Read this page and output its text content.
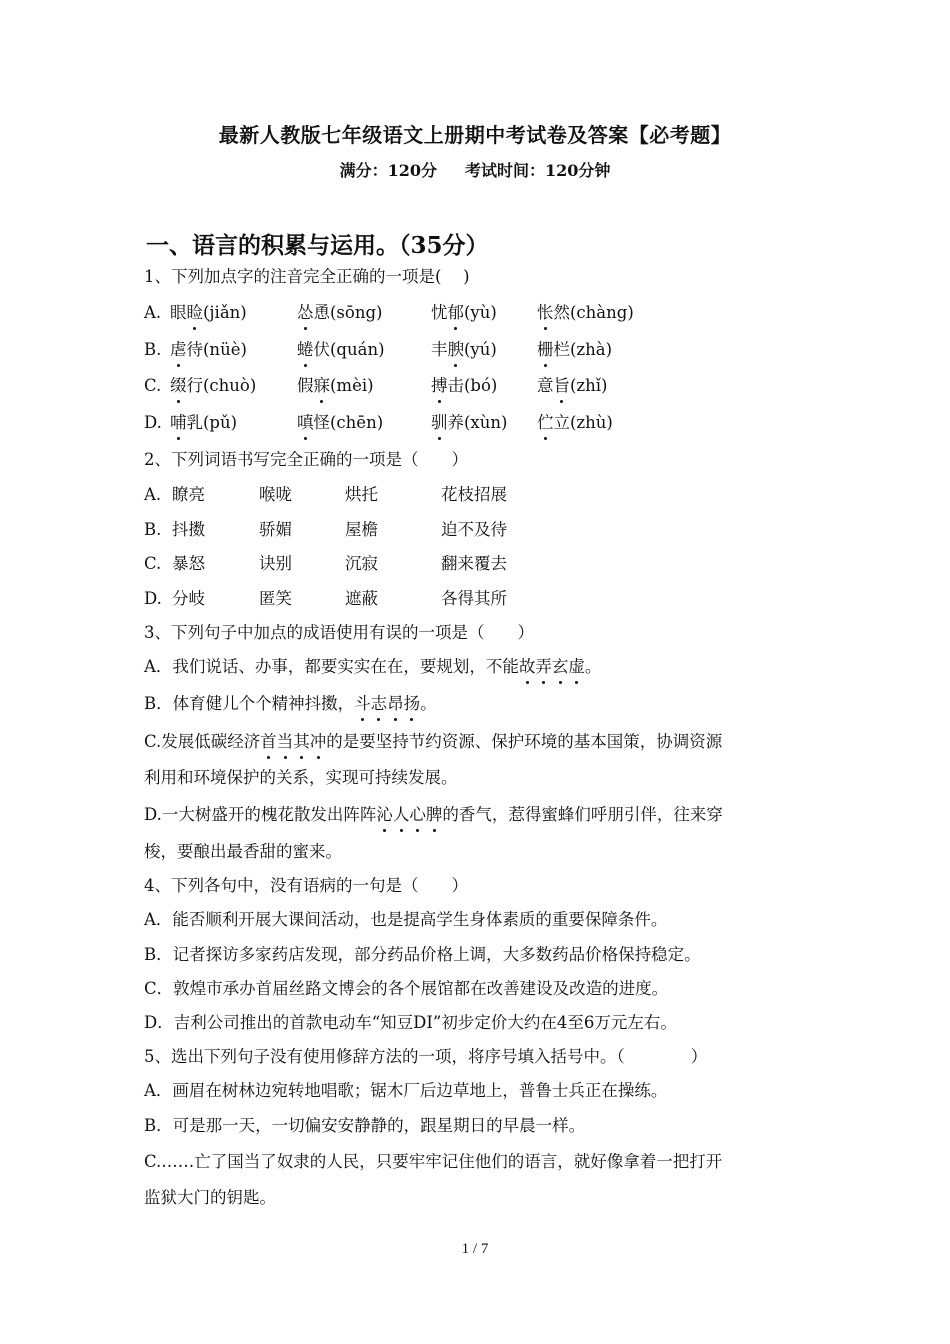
最新人教版七年级语文上册期中考试卷及答案【必考题】
满分：120分 考试时间：120分钟
一、语言的积累与运用。（35分）
1、下列加点字的注音完全正确的一项是(　 )
A. 眼睑(jiǎn)	怂恿(sōng)	忧郁(yù) 怅然(chàng)
B. 虐待(nüè)	蜷伏(quán)	丰腴(yú) 栅栏(zhà)
C. 缀行(chuò) 假寐(mèi)	搏击(bó) 意旨(zhǐ)
D. 哺乳(pǔ)	嗔怪(chēn)	驯养(xùn) 伫立(zhù)
2、下列词语书写完全正确的一项是（　　）
A. 瞭亮	喉咙	烘托	花枝招展
B. 抖擞	骄媚	屋檐	迫不及待
C. 暴怒	诀别	沉寂	翻来覆去
D. 分岐	匿笑	遮蔽	各得其所
3、下列句子中加点的成语使用有误的一项是（　　）
A．我们说话、办事，都要实实在在，要规划，不能故弄玄虚。
B．体育健儿个个精神抖擞，斗志昂扬。
C.发展低碳经济首当其冲的是要坚持节约资源、保护环境的基本国策，协调资源
利用和环境保护的关系，实现可持续发展。
D.一大树盛开的槐花散发出阵阵沁人心脾的香气，惹得蜜蜂们呼朋引伴，往来穿
梭，要酿出最香甜的蜜来。
4、下列各句中，没有语病的一句是（　　）
A．能否顺利开展大课间活动，也是提高学生身体素质的重要保障条件。
B．记者探访多家药店发现，部分药品价格上调，大多数药品价格保持稳定。
C．敦煌市承办首届丝路文博会的各个展馆都在改善建设及改造的进度。
D．吉利公司推出的首款电动车“知豆DI”初步定价大约在4至6万元左右。
5、选出下列句子没有使用修辞方法的一项，将序号填入括号中。（　　　　）
A．画眉在树林边宛转地唱歌；锯木厂后边草地上，普鲁士兵正在操练。
B．可是那一天，一切偏安安静静的，跟星期日的早晨一样。
C.……亡了国当了奴隶的人民，只要牢牢记住他们的语言，就好像拿着一把打开
监狱大门的钥匙。
1 / 7
